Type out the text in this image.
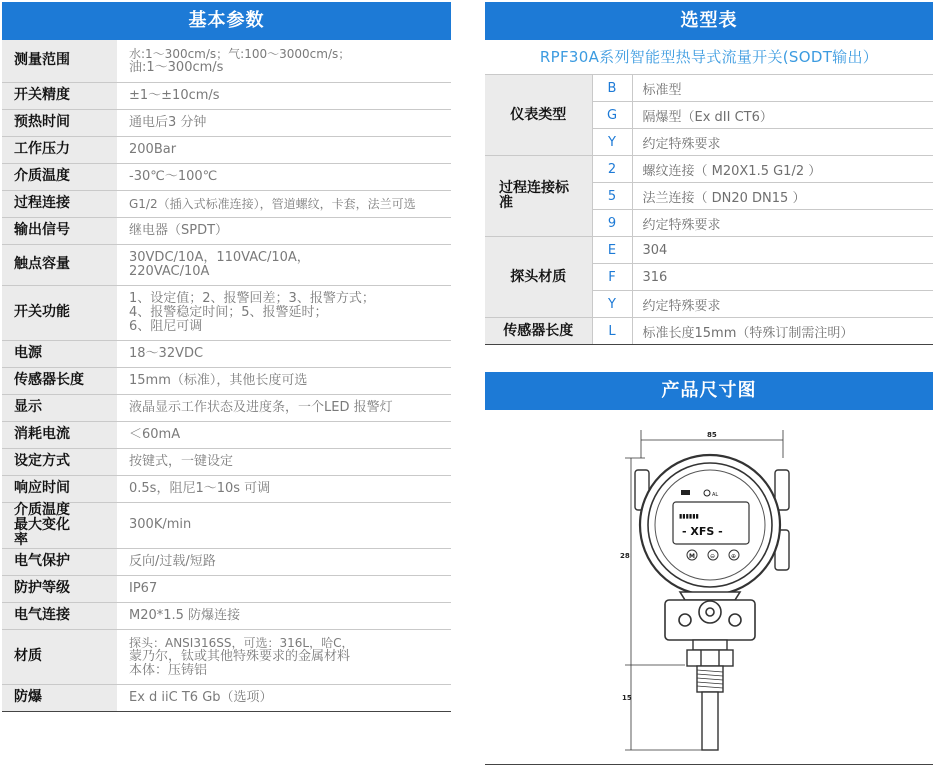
基本参数
测量范围	水:1～300cm/s；气:100～3000cm/s；
油:1～300cm/s

开关精度	±1～±10cm/s

预热时间	通电后3 分钟

工作压力	200Bar

介质温度	-30℃～100℃

过程连接	G1/2（插入式标准连接），管道螺纹，卡套，法兰可选

输出信号	继电器（SPDT）

触点容量	30VDC/10A，110VAC/10A，
220VAC/10A

开关功能	1、设定值；2、报警回差；3、报警方式；
4、报警稳定时间；5、报警延时；
6、阻尼可调

电源	18～32VDC

传感器长度	15mm（标准），其他长度可选

显示	液晶显示工作状态及进度条，一个LED 报警灯

消耗电流	＜60mA

设定方式	按键式，一键设定

响应时间	0.5s，阻尼1～10s 可调

介质温度最大变化率	300K/min

电气保护	反向/过载/短路

防护等级	IP67

电气连接	M20*1.5 防爆连接

材质	探头：ANSI316SS，可选：316L，哈C，
蒙乃尔，钛或其他特殊要求的金属材料
本体：压铸铝

防爆	Ex d iiC T6 Gb（选项）
选型表
RPF30A系列智能型热导式流量开关(SODT输出）
仪表类型	B	标准型
	G	隔爆型（Ex dII CT6）
	Y	约定特殊要求
过程连接标准	2	螺纹连接（ M20X1.5 G1/2 ）
	5	法兰连接（ DN20 DN15 ）
	9	约定特殊要求
探头材质	E	304
	F	316
	Y	约定特殊要求
传感器长度	L	标准长度15mm（特殊订制需注明）
产品尺寸图
85
28
15
▮▮▮▮▮▮
- XFS -
AL
M	⊖	⊕
